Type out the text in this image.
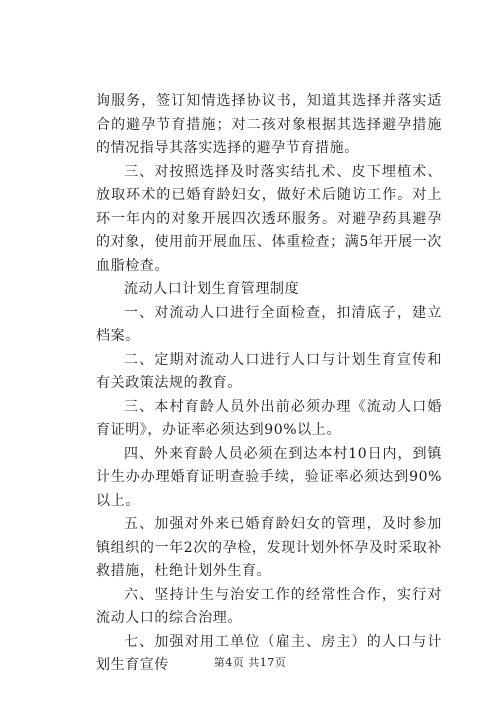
询服务，签订知情选择协议书，知道其选择并落实适合的避孕节育措施；对二孩对象根据其选择避孕措施的情况指导其落实选择的避孕节育措施。

三、对按照选择及时落实结扎术、皮下埋植术、放取环术的已婚育龄妇女，做好术后随访工作。对上环一年内的对象开展四次透环服务。对避孕药具避孕的对象，使用前开展血压、体重检查；满5年开展一次血脂检查。

流动人口计划生育管理制度

一、对流动人口进行全面检查，扣清底子，建立档案。

二、定期对流动人口进行人口与计划生育宣传和有关政策法规的教育。

三、本村育龄人员外出前必须办理《流动人口婚育证明》，办证率必须达到90%以上。

四、外来育龄人员必须在到达本村10日内，到镇计生办办理婚育证明查验手续，验证率必须达到90%以上。

五、加强对外来已婚育龄妇女的管理，及时参加镇组织的一年2次的孕检，发现计划外怀孕及时采取补救措施，杜绝计划外生育。

六、坚持计生与治安工作的经常性合作，实行对流动人口的综合治理。

七、加强对用工单位（雇主、房主）的人口与计划生育宣传	第4页 共17页
